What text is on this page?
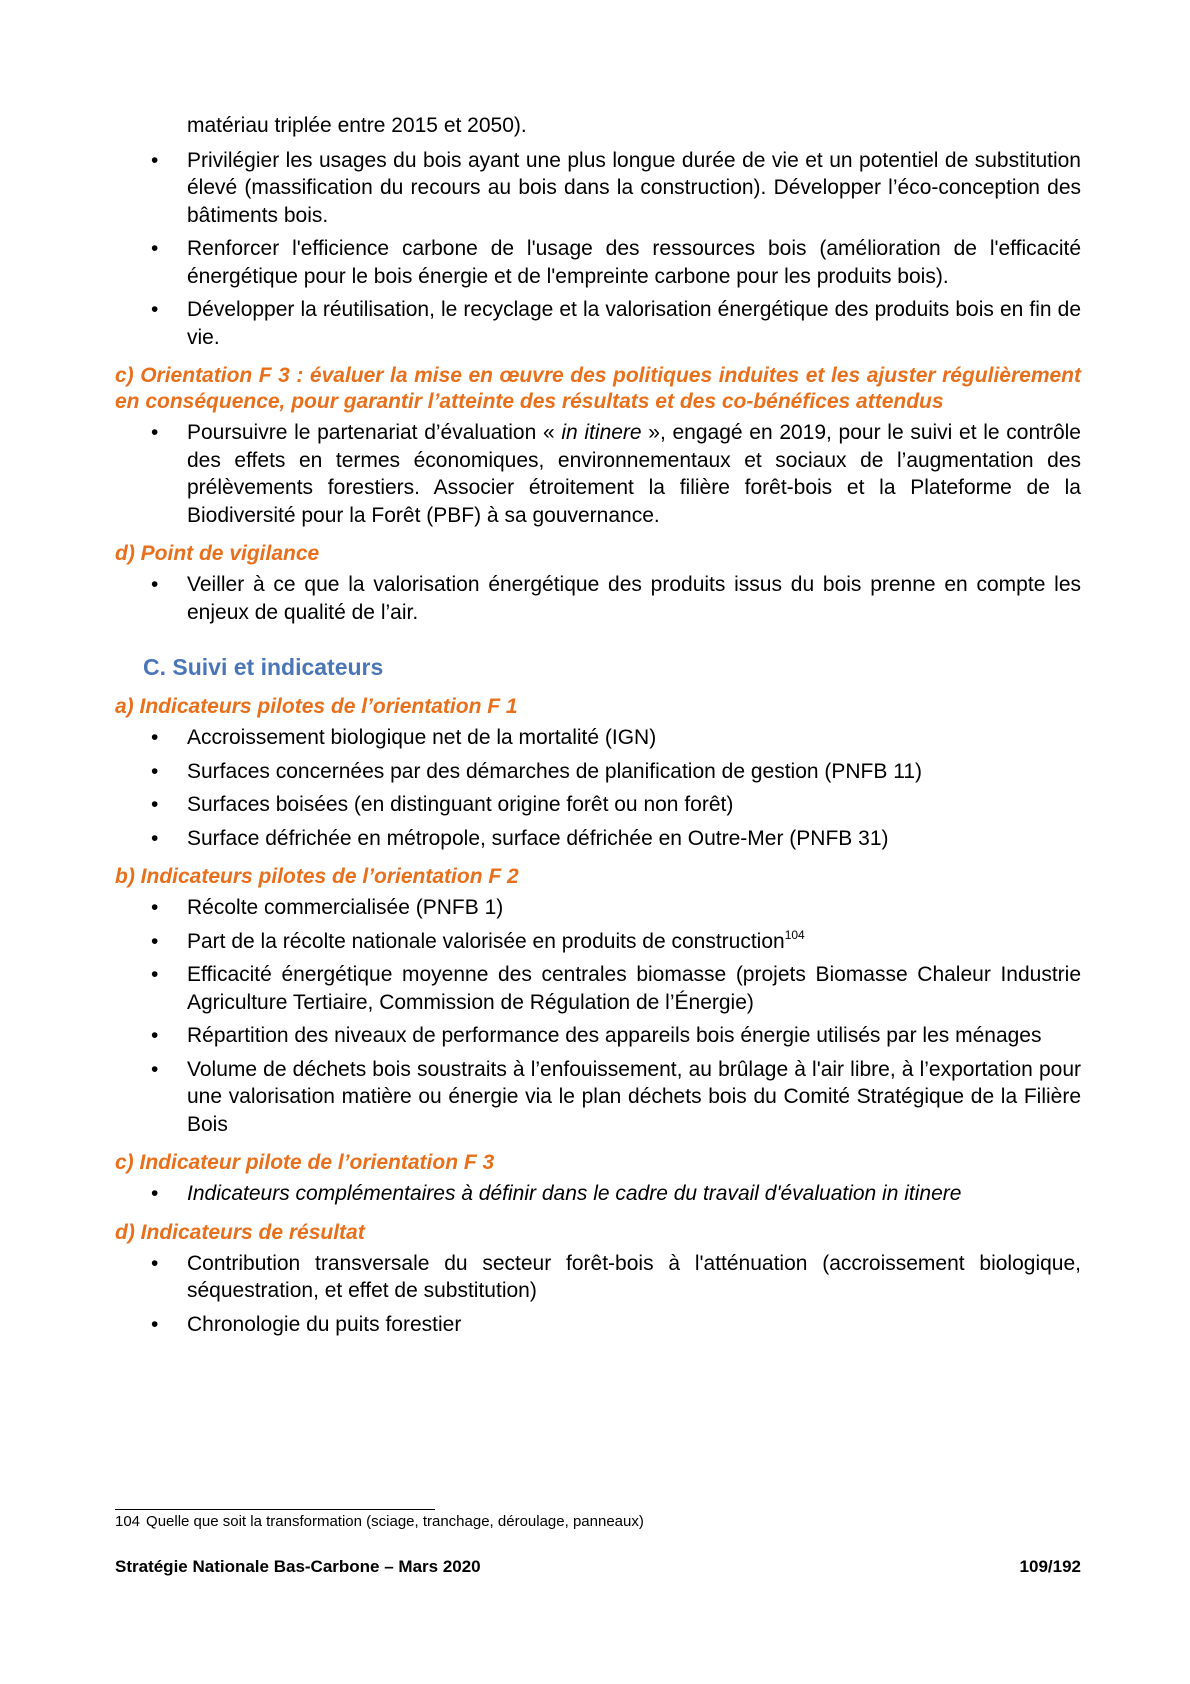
matériau triplée entre 2015 et 2050).
• Privilégier les usages du bois ayant une plus longue durée de vie et un potentiel de substitution élevé (massification du recours au bois dans la construction). Développer l’éco-conception des bâtiments bois.
• Renforcer l'efficience carbone de l'usage des ressources bois (amélioration de l'efficacité énergétique pour le bois énergie et de l'empreinte carbone pour les produits bois).
• Développer la réutilisation, le recyclage et la valorisation énergétique des produits bois en fin de vie.
c) Orientation F 3 : évaluer la mise en œuvre des politiques induites et les ajuster régulièrement en conséquence, pour garantir l’atteinte des résultats et des co-bénéfices attendus
• Poursuivre le partenariat d’évaluation « in itinere », engagé en 2019, pour le suivi et le contrôle des effets en termes économiques, environnementaux et sociaux de l’augmentation des prélèvements forestiers. Associer étroitement la filière forêt-bois et la Plateforme de la Biodiversité pour la Forêt (PBF) à sa gouvernance.
d) Point de vigilance
• Veiller à ce que la valorisation énergétique des produits issus du bois prenne en compte les enjeux de qualité de l’air.
C. Suivi et indicateurs
a) Indicateurs pilotes de l’orientation F 1
• Accroissement biologique net de la mortalité (IGN)
• Surfaces concernées par des démarches de planification de gestion (PNFB 11)
• Surfaces boisées (en distinguant origine forêt ou non forêt)
• Surface défrichée en métropole, surface défrichée en Outre-Mer (PNFB 31)
b) Indicateurs pilotes de l’orientation F 2
• Récolte commercialisée (PNFB 1)
• Part de la récolte nationale valorisée en produits de construction$^{104}$
• Efficacité énergétique moyenne des centrales biomasse (projets Biomasse Chaleur Industrie Agriculture Tertiaire, Commission de Régulation de l’Énergie)
• Répartition des niveaux de performance des appareils bois énergie utilisés par les ménages
• Volume de déchets bois soustraits à l’enfouissement, au brûlage à l'air libre, à l’exportation pour une valorisation matière ou énergie via le plan déchets bois du Comité Stratégique de la Filière Bois
c) Indicateur pilote de l’orientation F 3
• Indicateurs complémentaires à définir dans le cadre du travail d'évaluation in itinere
d) Indicateurs de résultat
• Contribution transversale du secteur forêt-bois à l'atténuation (accroissement biologique, séquestration, et effet de substitution)
• Chronologie du puits forestier
104 Quelle que soit la transformation (sciage, tranchage, déroulage, panneaux)
Stratégie Nationale Bas-Carbone – Mars 2020	109/192
